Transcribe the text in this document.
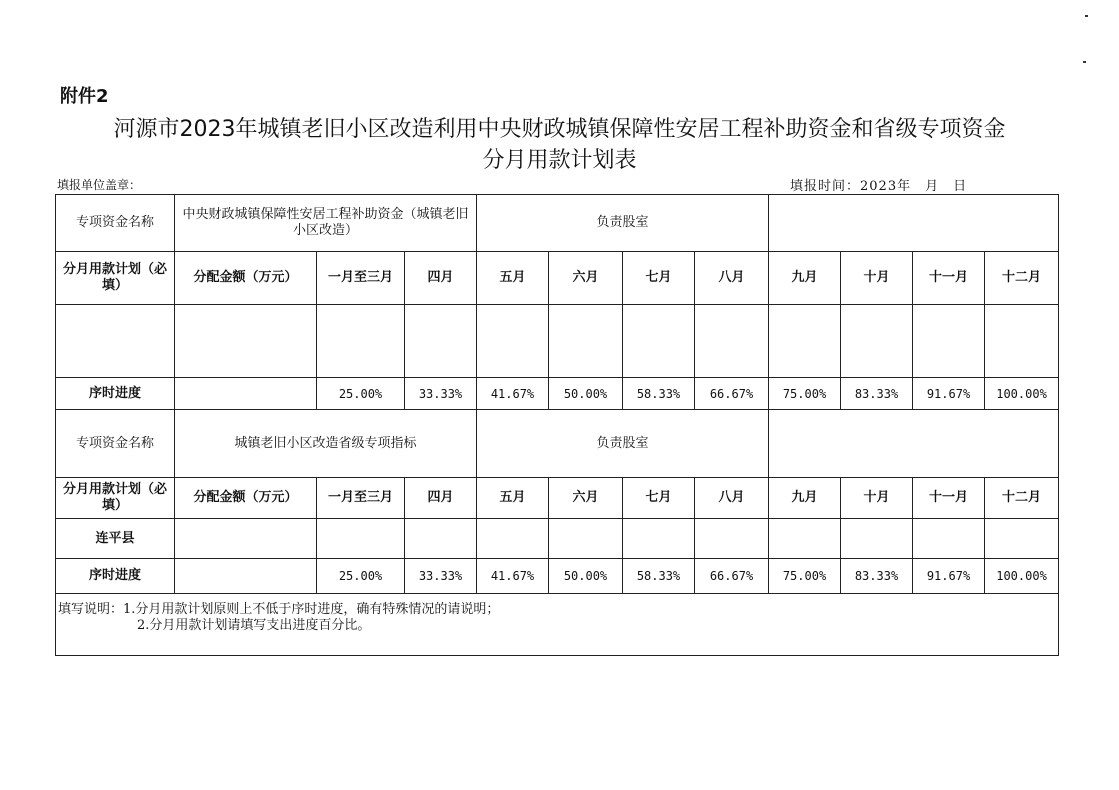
附件2
河源市2023年城镇老旧小区改造利用中央财政城镇保障性安居工程补助资金和省级专项资金
分月用款计划表
填报单位盖章：	填报时间：2023年　月　日
专项资金名称	中央财政城镇保障性安居工程补助资金（城镇老旧小区改造）			负责股室							
分月用款计划（必填）	分配金额（万元）	一月至三月	四月	五月	六月	七月	八月	九月	十月	十一月	十二月

序时进度		25.00%	33.33%	41.67%	50.00%	58.33%	66.67%	75.00%	83.33%	91.67%	100.00%
专项资金名称	城镇老旧小区改造省级专项指标			负责股室							
分月用款计划（必填）	分配金额（万元）	一月至三月	四月	五月	六月	七月	八月	九月	十月	十一月	十二月
连平县											
序时进度		25.00%	33.33%	41.67%	50.00%	58.33%	66.67%	75.00%	83.33%	91.67%	100.00%

填写说明：1.分月用款计划原则上不低于序时进度，确有特殊情况的请说明；
2.分月用款计划请填写支出进度百分比。											
